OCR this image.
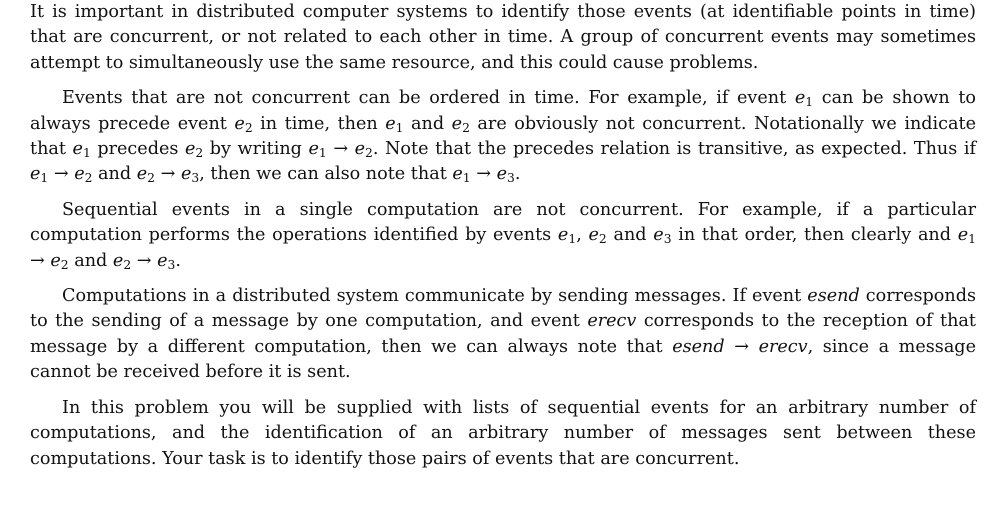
It is important in distributed computer systems to identify those events (at identifiable points in time) that are concurrent, or not related to each other in time. A group of concurrent events may sometimes attempt to simultaneously use the same resource, and this could cause problems.

Events that are not concurrent can be ordered in time. For example, if event $e_1$ can be shown to always precede event $e_2$ in time, then $e_1$ and $e_2$ are obviously not concurrent. Notationally we indicate that $e_1$ precedes $e_2$ by writing $e_1 \to e_2$. Note that the precedes relation is transitive, as expected. Thus if $e_1 \to e_2$ and $e_2 \to e_3$, then we can also note that $e_1 \to e_3$.

Sequential events in a single computation are not concurrent. For example, if a particular computation performs the operations identified by events $e_1$, $e_2$ and $e_3$ in that order, then clearly and $e_1 \to e_2$ and $e_2 \to e_3$.

Computations in a distributed system communicate by sending messages. If event esend corresponds to the sending of a message by one computation, and event erecv corresponds to the reception of that message by a different computation, then we can always note that esend → erecv, since a message cannot be received before it is sent.

In this problem you will be supplied with lists of sequential events for an arbitrary number of computations, and the identification of an arbitrary number of messages sent between these computations. Your task is to identify those pairs of events that are concurrent.
